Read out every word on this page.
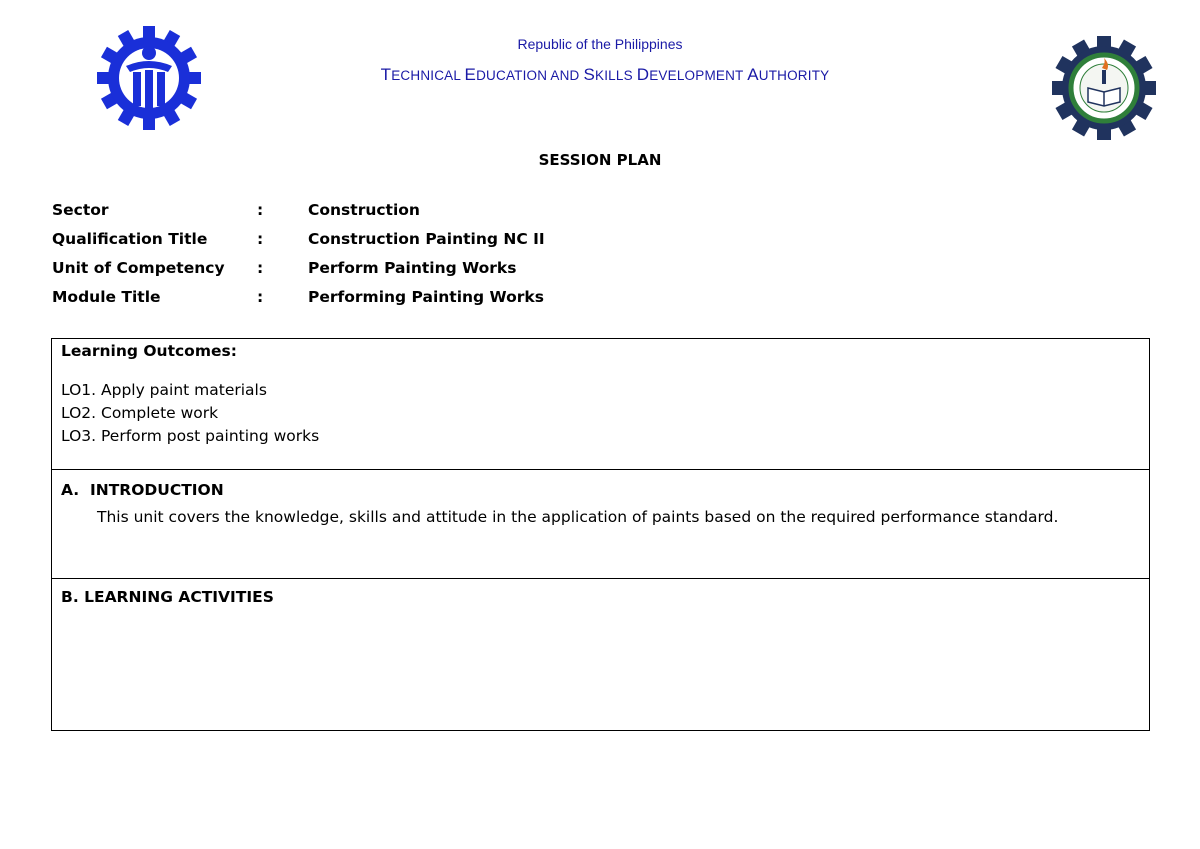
Republic of the Philippines
TECHNICAL EDUCATION AND SKILLS DEVELOPMENT AUTHORITY
SESSION PLAN
Sector	:	Construction
Qualification Title	:	Construction Painting NC II
Unit of Competency	:	Perform Painting Works
Module Title	:	Performing Painting Works
Learning Outcomes:
LO1. Apply paint materials
LO2. Complete work
LO3. Perform post painting works
A.  INTRODUCTION
This unit covers the knowledge, skills and attitude in the application of paints based on the required performance standard.
B. LEARNING ACTIVITIES
